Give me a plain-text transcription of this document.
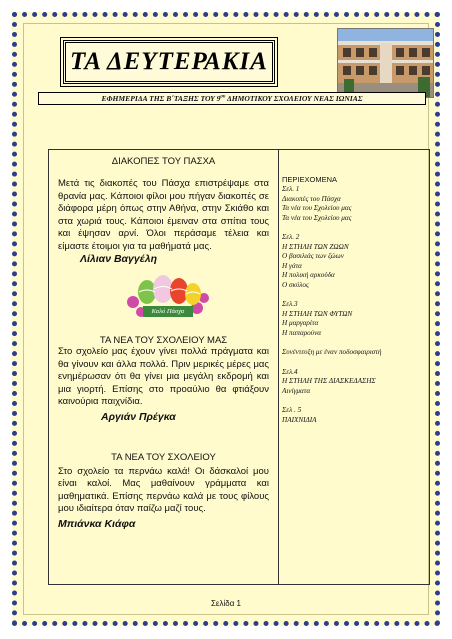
ΤΑ ΔΕΥΤΕΡΑΚΙΑ
ΕΦΗΜΕΡΙΔΑ ΤΗΣ Β΄ΤΑΞΗΣ ΤΟΥ $9^{o\upsilon}$ ΔΗΜΟΤΙΚΟΥ ΣΧΟΛΕΙΟΥ ΝΕΑΣ ΙΩΝΙΑΣ
ΔΙΑΚΟΠΕΣ ΤΟΥ ΠΑΣΧΑ
Μετά τις διακοπές του Πάσχα επιστρέψαμε στα θρανία μας. Κάποιοι φίλοι μου πήγαν διακοπές σε διάφορα μέρη όπως στην Αθήνα, στην Σκιάθο και στα χωριά τους. Κάποιοι έμειναν στα σπίτια τους και έψησαν αρνί. Όλοι περάσαμε τέλεια και είμαστε έτοιμοι για τα μαθήματά μας.
Λίλιαν Βαγγέλη
Καλό Πάσχα
ΤΑ ΝΕΑ ΤΟΥ ΣΧΟΛΕΙΟΥ ΜΑΣ
Στο σχολείο μας έχουν γίνει πολλά πράγματα και θα γίνουν και άλλα πολλά. Πριν μερικές μέρες μας ενημέρωσαν ότι θα γίνει μια μεγάλη εκδρομή και μια γιορτή. Επίσης στο προαύλιο θα φτιάξουν καινούρια παιχνίδια.
Αργιάν Πρέγκα
ΤΑ ΝΕΑ ΤΟΥ ΣΧΟΛΕΙΟΥ
Στο σχολείο τα περνάω καλά! Οι δάσκαλοί μου είναι καλοί. Μας μαθαίνουν γράμματα και μαθηματικά. Επίσης περνάω καλά με τους φίλους μου ιδιαίτερα όταν παίζω μαζί τους.
Μπιάνκα Κιάφα
ΠΕΡΙΕΧΟΜΕΝΑ
Σελ. 1
Διακοπές του Πάσχα
Τα νέα του Σχολείου μας
Τα νέα του Σχολείου μας
Σελ. 2
Η ΣΤΗΛΗ ΤΩΝ ΖΩΩΝ
Ο βασιλιάς των ζώων
Η γάτα
Η πολική αρκούδα
Ο σκύλος
Σελ.3
Η ΣΤΗΛΗ ΤΩΝ ΦΥΤΩΝ
Η μαργαρίτα
Η παπαρούνα
Συνέντευξη με έναν ποδοσφαιριστή
Σελ.4
Η ΣΤΗΛΗ ΤΗΣ ΔΙΑΣΚΕΔΑΣΗΣ
Αινίγματα
Σελ . 5
ΠΑΙΧΝΙΔΙΑ
Σελίδα 1
